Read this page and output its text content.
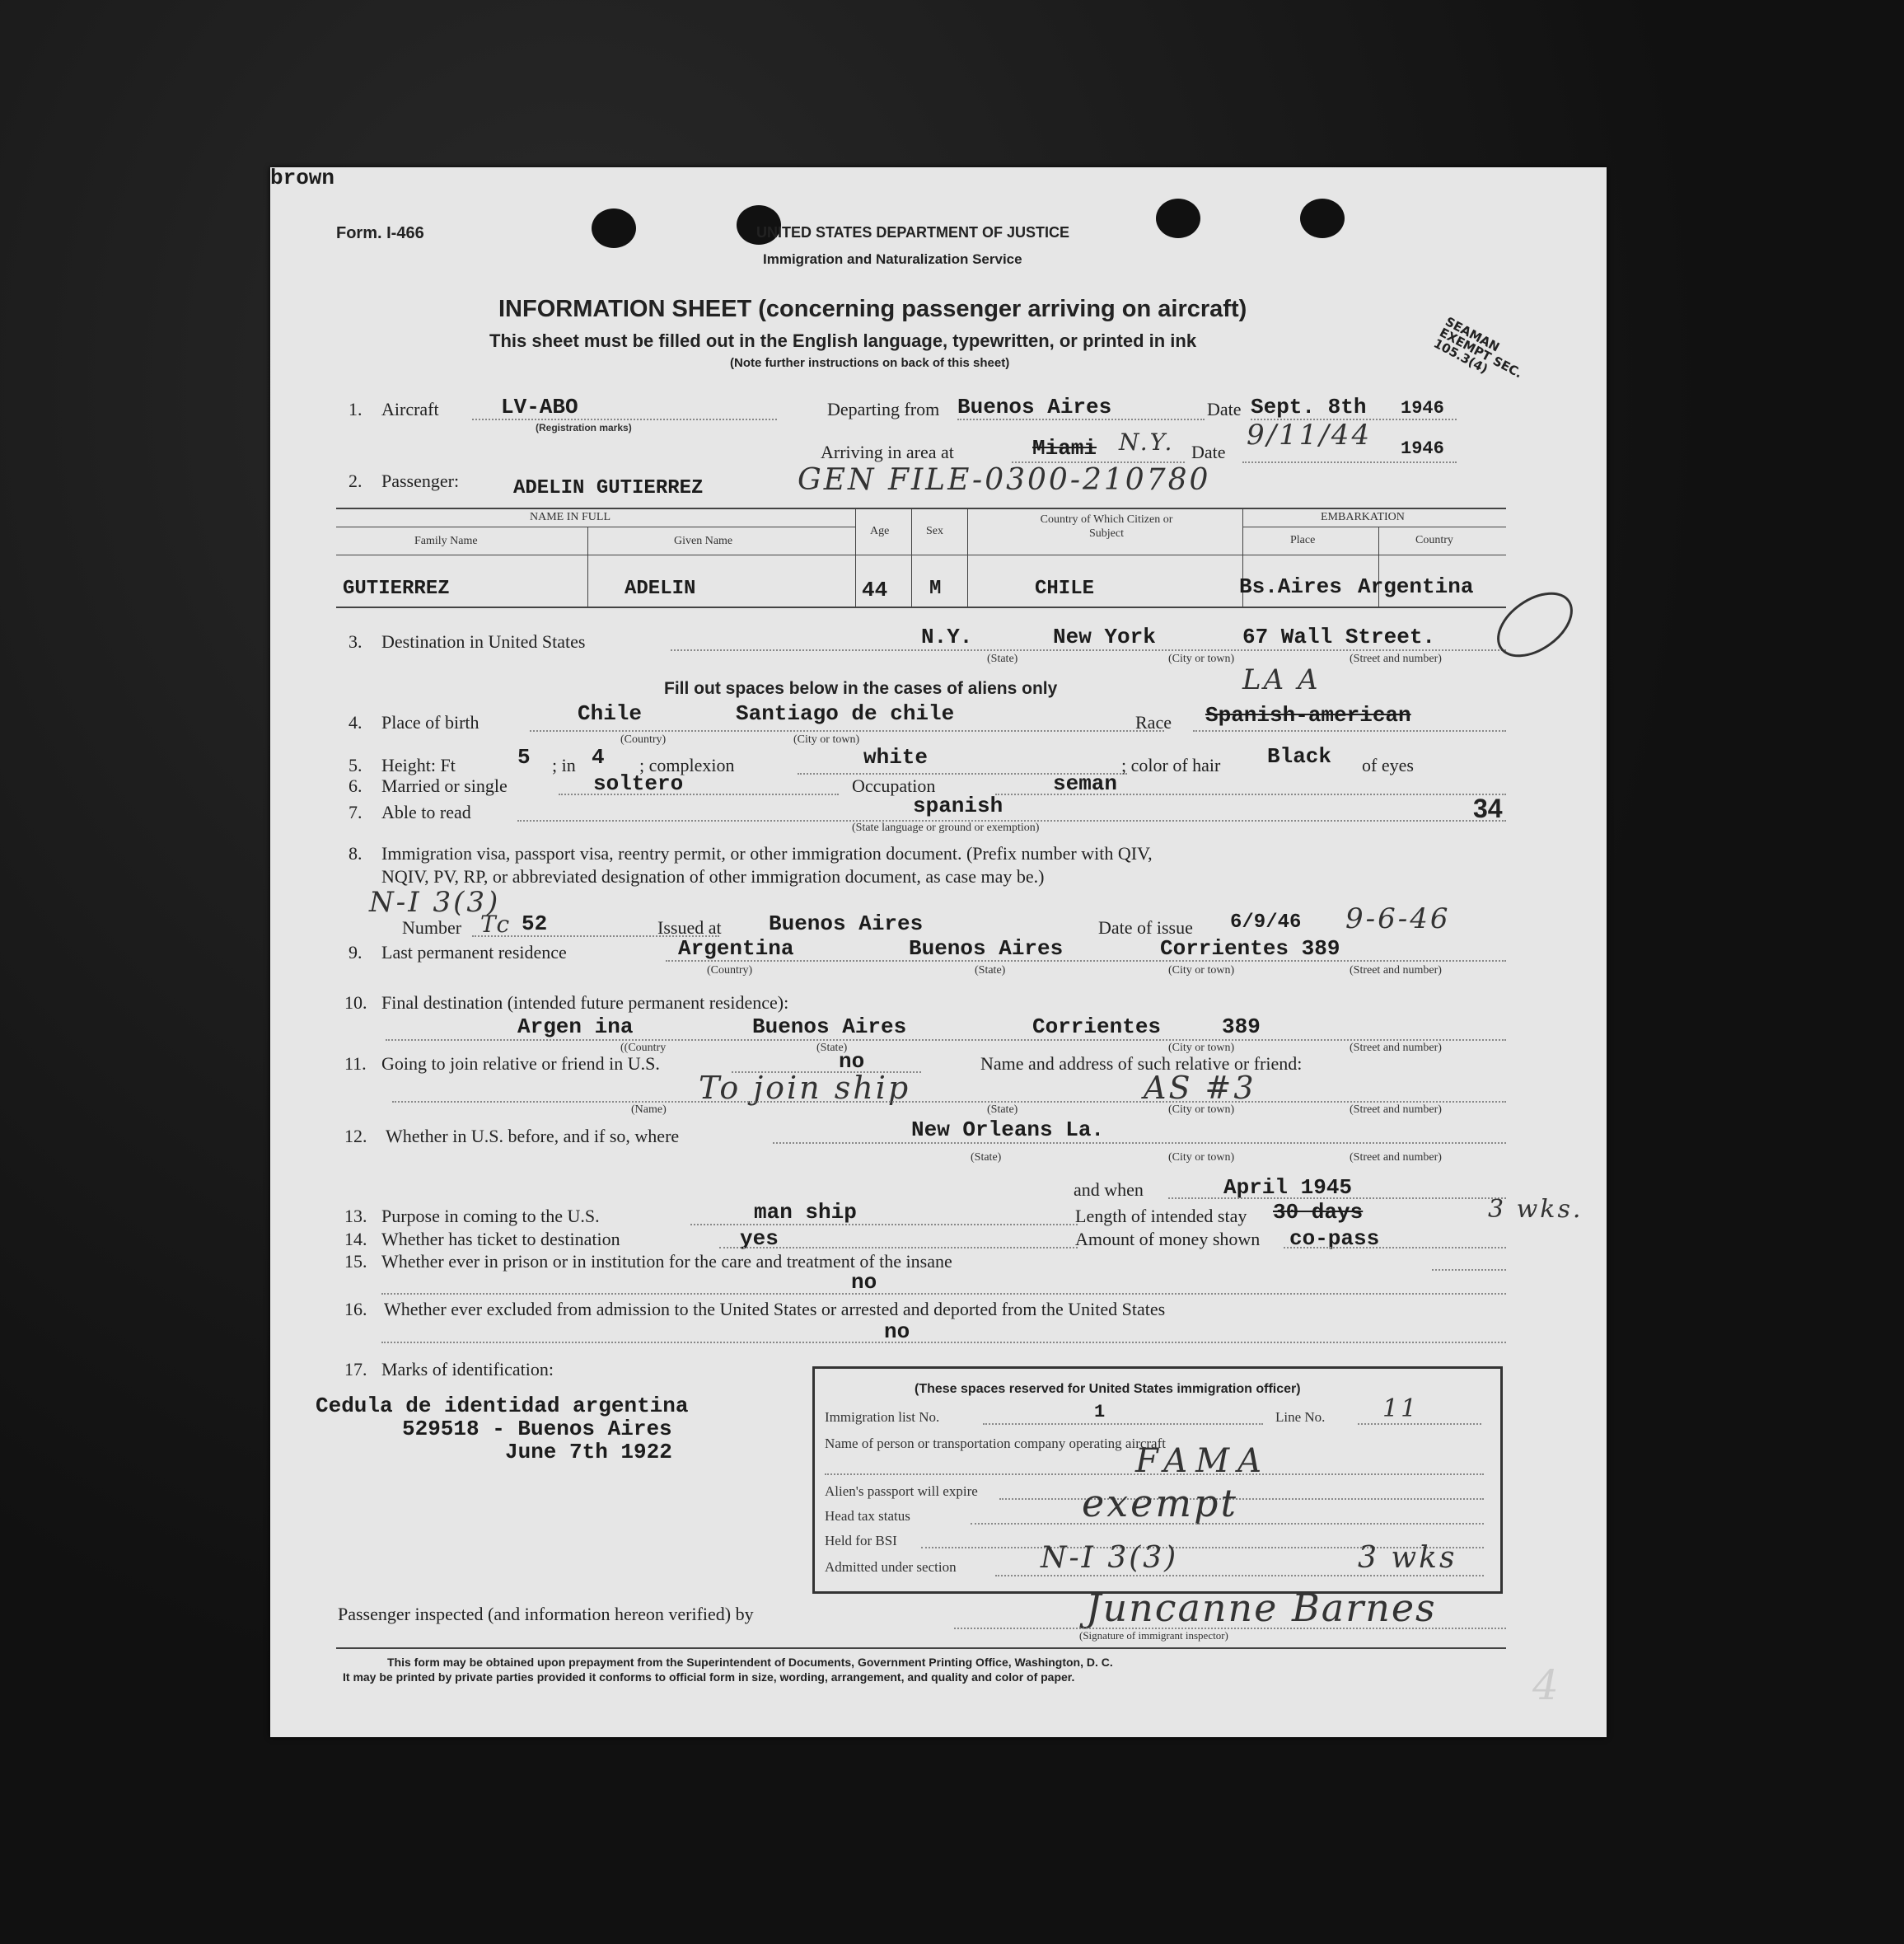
Form. I-466	UNITED STATES DEPARTMENT OF JUSTICE
Immigration and Naturalization Service
INFORMATION SHEET (concerning passenger arriving on aircraft)
This sheet must be filled out in the English language, typewritten, or printed in ink
(Note further instructions on back of this sheet)
SEAMAN EXEMPT SEC. 105.3(4)
1. Aircraft	LV-ABO
(Registration marks)
Departing from Buenos Aires	Date Sept. 8th 1946
Arriving in area at	Miami N.Y. Date
9/11/44 1946
2. Passenger:	ADELIN GUTIERREZ	GEN FILE-0300-210780
NAME IN FULL
Family Name	Given Name
Age	Sex
Country of Which Citizen or Subject
EMBARKATION
Place	Country
GUTIERREZ	ADELIN	44 M	CHILE	Bs.Aires Argentina
3. Destination in United States	N.Y.	New York	67 Wall Street.
(State)	(City or town)	(Street and number)
Fill out spaces below in the cases of aliens only	LA A
4. Place of birth	Chile	Santiago de chile
(Country)	(City or town)
Race Spanish-american
5. Height: Ft	5 ; in 4 ; complexion	white	; color of hair Black of eyes
brown
6. Married or single	soltero	Occupation	seman
7. Able to read	spanish
(State language or ground or exemption)
34
8. Immigration visa, passport visa, reentry permit, or other immigration document. (Prefix number with QIV,
NQIV, PV, RP, or abbreviated designation of other immigration document, as case may be.)
N-I 3(3)
Number Tc 52	Issued at Buenos Aires	Date of issue 6/9/46 9-6-46
9. Last permanent residence	Argentina	Buenos Aires	Corrientes 389
(Country)	(State)	(City or town)	(Street and number)
10. Final destination (intended future permanent residence):
Argen ina	Buenos Aires	Corrientes	389
((Country	(State)	(City or town)	(Street and number)
11. Going to join relative or friend in U.S.	no	Name and address of such relative or friend:
To join ship	AS #3
(Name)	(State)	(City or town)	(Street and number)
12. Whether in U.S. before, and if so, where	New Orleans La.
(State)	(City or town)	(Street and number)
and when	April 1945
13. Purpose in coming to the U.S.	man ship	Length of intended stay 30 days	3 wks.
14. Whether has ticket to destination	yes	Amount of money shown co-pass
15. Whether ever in prison or in institution for the care and treatment of the insane
no
16. Whether ever excluded from admission to the United States or arrested and deported from the United States
no
17. Marks of identification:
Cedula de identidad argentina
529518 - Buenos Aires
June 7th 1922
(These spaces reserved for United States immigration officer)
Immigration list No.	1	Line No. 11
Name of person or transportation company operating aircraft
FAMA
Alien's passport will expire
Head tax status	exempt
Held for BSI
Admitted under section	N-I 3(3)	3 wks
Passenger inspected (and information hereon verified) by	Juncanne Barnes
(Signature of immigrant inspector)
This form may be obtained upon prepayment from the Superintendent of Documents, Government Printing Office, Washington, D. C.
It may be printed by private parties provided it conforms to official form in size, wording, arrangement, and quality and color of paper.	4
